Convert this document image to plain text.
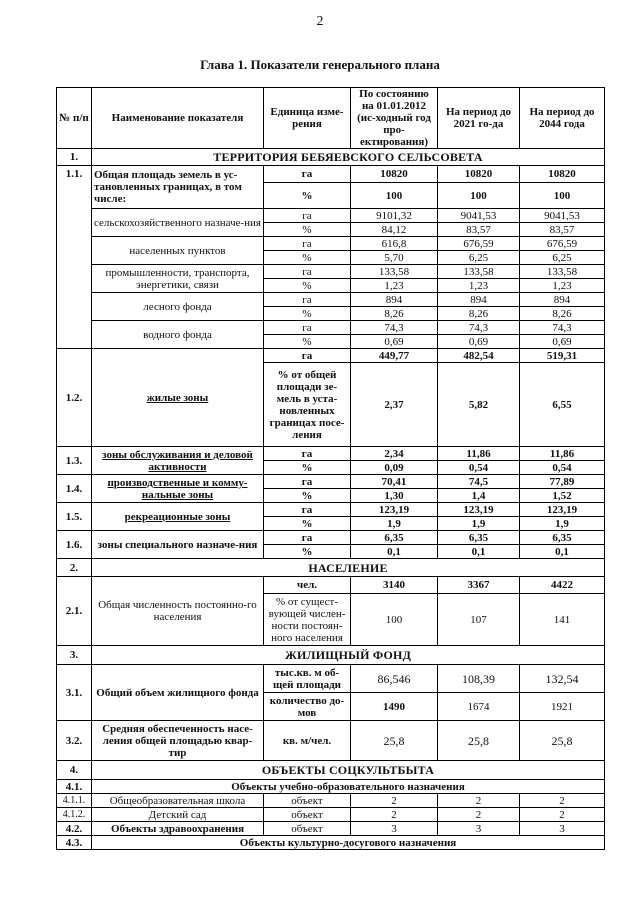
2
Глава 1. Показатели генерального плана
№ п/п	Наименование показателя	Единица изме-рения	По состоянию на 01.01.2012 (ис-ходный год про-ектирования)	На период до 2021 го-да	На период до 2044 года
1.	ТЕРРИТОРИЯ БЕБЯЕВСКОГО СЕЛЬСОВЕТА				
1.1.	Общая площадь земель в ус-тановленных границах, в том числе:	га	10820	10820	10820
		%	100	100	100
	сельскохозяйственного назначе-ния	га	9101,32	9041,53	9041,53
		%	84,12	83,57	83,57
	населенных пунктов	га	616,8	676,59	676,59
		%	5,70	6,25	6,25
	промышленности, транспорта, энергетики, связи	га	133,58	133,58	133,58
		%	1,23	1,23	1,23
	лесного фонда	га	894	894	894
		%	8,26	8,26	8,26
	водного фонда	га	74,3	74,3	74,3
		%	0,69	0,69	0,69
1.2.	жилые зоны	га	449,77	482,54	519,31
		% от общей площади зе-мель в уста-новленных границах посе-ления	2,37	5,82	6,55
1.3.	зоны обслуживания и деловой активности	га	2,34	11,86	11,86
		%	0,09	0,54	0,54
1.4.	производственные и комму-нальные зоны	га	70,41	74,5	77,89
		%	1,30	1,4	1,52
1.5.	рекреационные зоны	га	123,19	123,19	123,19
		%	1,9	1,9	1,9
1.6.	зоны специального назначе-ния	га	6,35	6,35	6,35
		%	0,1	0,1	0,1
2.	НАСЕЛЕНИЕ				
2.1.	Общая численность постоянно-го населения	чел.	3140	3367	4422
		% от сущест-вующей числен-ности постоян-ного населения	100	107	141
3.	ЖИЛИЩНЫЙ ФОНД				
3.1.	Общий объем жилищного фонда	тыс.кв. м об-щей площади	86,546	108,39	132,54
		количество до-мов	1490	1674	1921
3.2.	Средняя обеспеченность насе-ления общей площадью квар-тир	кв. м/чел.	25,8	25,8	25,8
4.	ОБЪЕКТЫ СОЦКУЛЬТБЫТА				
4.1.	Объекты учебно-образовательного назначения				
4.1.1.	Общеобразовательная школа	объект	2	2	2
4.1.2.	Детский сад	объект	2	2	2
4.2.	Объекты здравоохранения	объект	3	3	3
4.3.	Объекты культурно-досугового назначения				
